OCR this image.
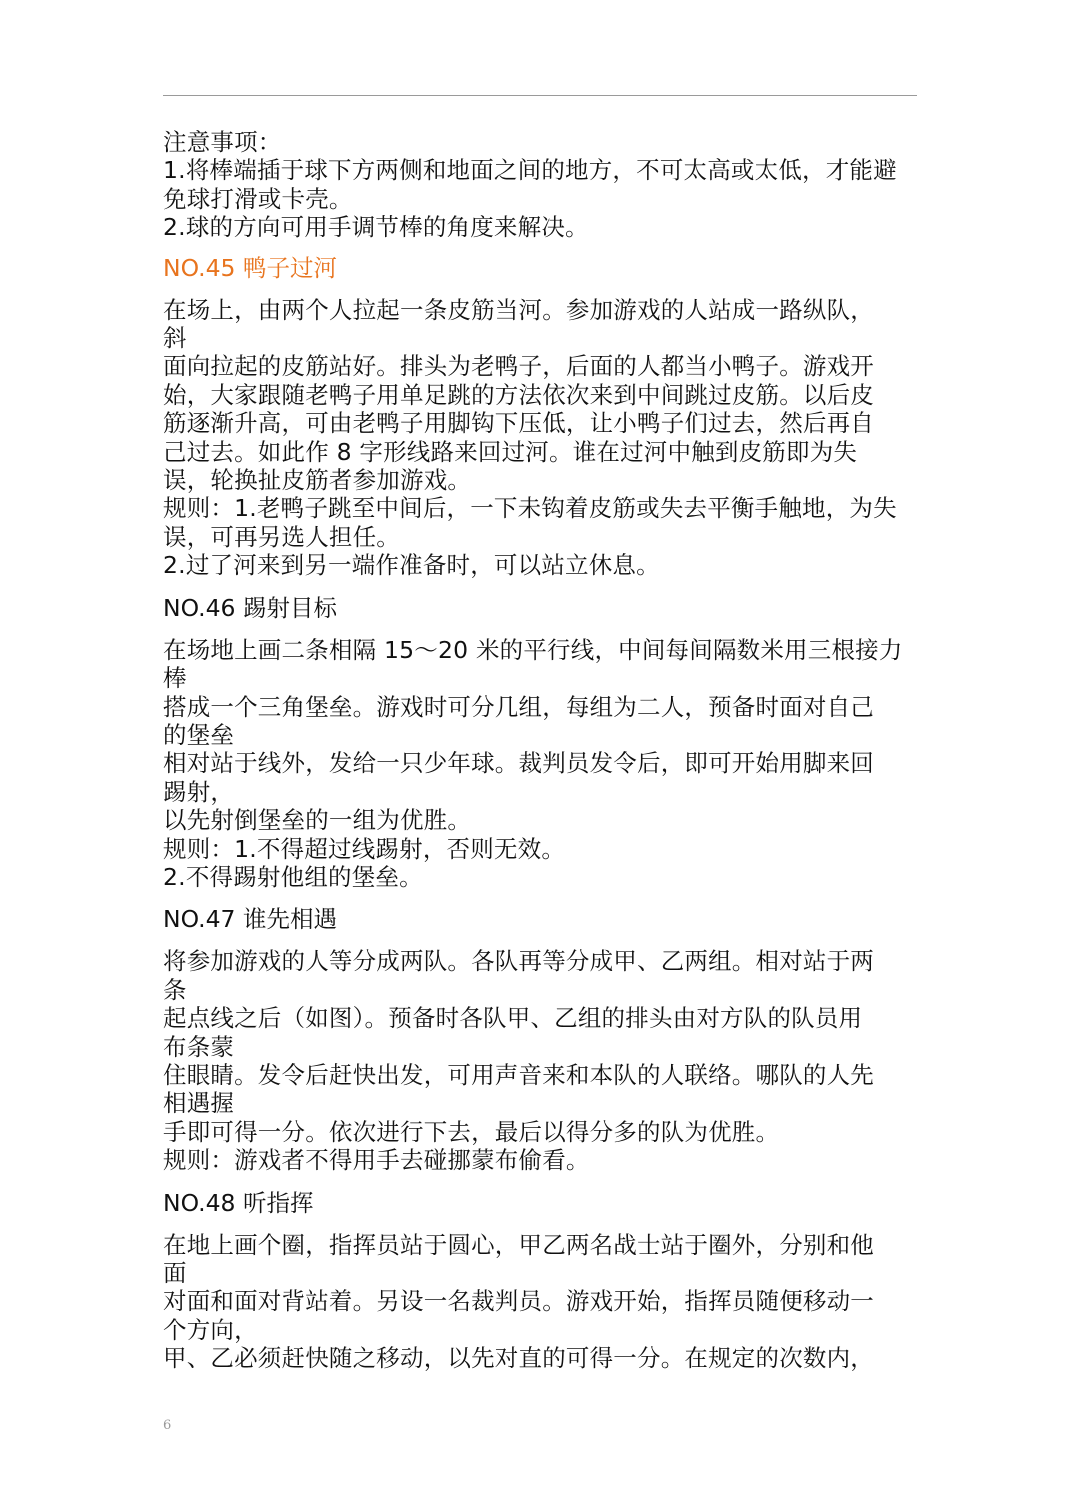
注意事项：
1.将棒端插于球下方两侧和地面之间的地方，不可太高或太低，才能避
免球打滑或卡壳。
2.球的方向可用手调节棒的角度来解决。
NO.45 鸭子过河
在场上，由两个人拉起一条皮筋当河。参加游戏的人站成一路纵队，
斜
面向拉起的皮筋站好。排头为老鸭子，后面的人都当小鸭子。游戏开
始，大家跟随老鸭子用单足跳的方法依次来到中间跳过皮筋。以后皮
筋逐渐升高，可由老鸭子用脚钩下压低，让小鸭子们过去，然后再自
己过去。如此作 8 字形线路来回过河。谁在过河中触到皮筋即为失
误，轮换扯皮筋者参加游戏。
规则：1.老鸭子跳至中间后，一下未钩着皮筋或失去平衡手触地，为失
误，可再另选人担任。
2.过了河来到另一端作准备时，可以站立休息。
NO.46 踢射目标
在场地上画二条相隔 15～20 米的平行线，中间每间隔数米用三根接力
棒
搭成一个三角堡垒。游戏时可分几组，每组为二人，预备时面对自己
的堡垒
相对站于线外，发给一只少年球。裁判员发令后，即可开始用脚来回
踢射，
以先射倒堡垒的一组为优胜。
规则：1.不得超过线踢射，否则无效。
2.不得踢射他组的堡垒。
NO.47 谁先相遇
将参加游戏的人等分成两队。各队再等分成甲、乙两组。相对站于两
条
起点线之后（如图）。预备时各队甲、乙组的排头由对方队的队员用
布条蒙
住眼睛。发令后赶快出发，可用声音来和本队的人联络。哪队的人先
相遇握
手即可得一分。依次进行下去，最后以得分多的队为优胜。
规则：游戏者不得用手去碰挪蒙布偷看。
NO.48 听指挥
在地上画个圈，指挥员站于圆心，甲乙两名战士站于圈外，分别和他
面
对面和面对背站着。另设一名裁判员。游戏开始，指挥员随便移动一
个方向，
甲、乙必须赶快随之移动，以先对直的可得一分。在规定的次数内，
6
